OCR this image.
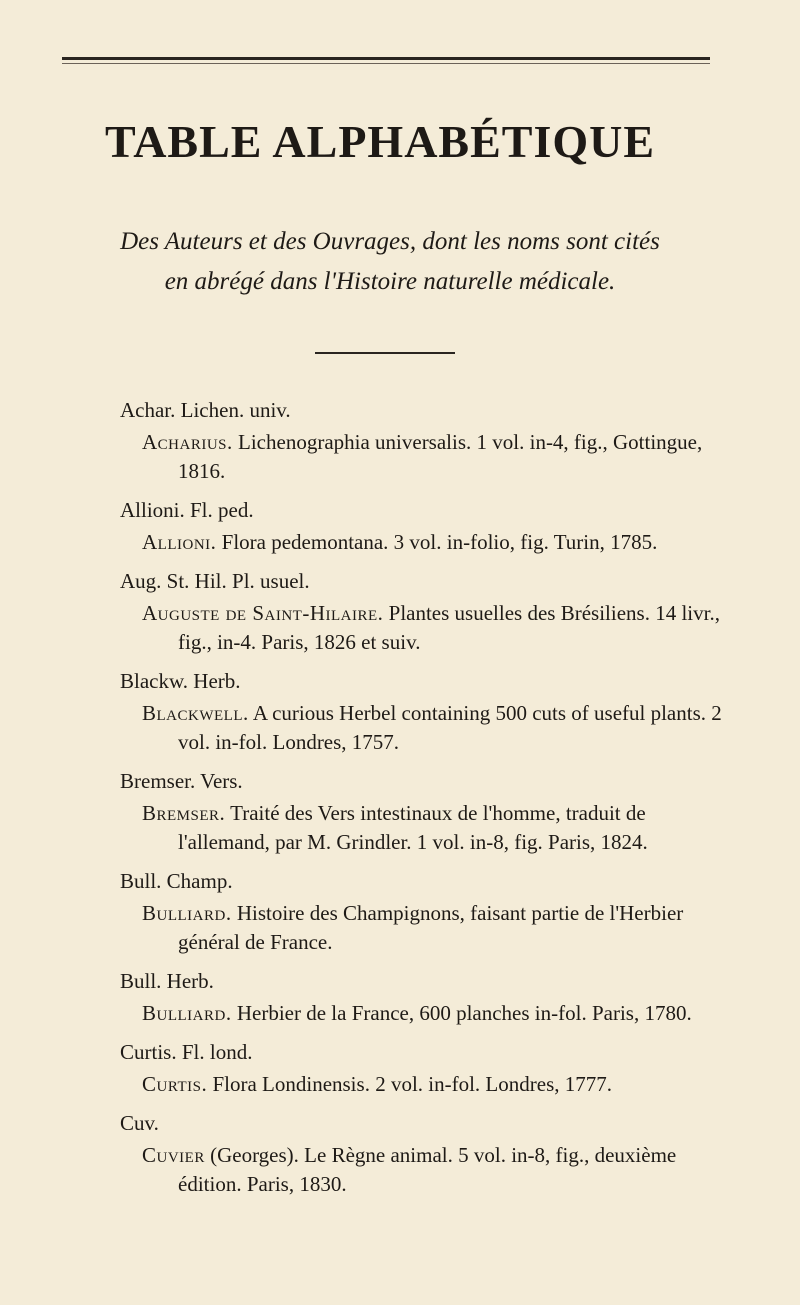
TABLE ALPHABÉTIQUE

Des Auteurs et des Ouvrages, dont les noms sont cités en abrégé dans l'Histoire naturelle médicale.

Achar. Lichen. univ.

Acharius. Lichenographia universalis. 1 vol. in-4, fig., Gottingue, 1816.

Allioni. Fl. ped.

Allioni. Flora pedemontana. 3 vol. in-folio, fig. Turin, 1785.

Aug. St. Hil. Pl. usuel.

Auguste de Saint-Hilaire. Plantes usuelles des Brésiliens. 14 livr., fig., in-4. Paris, 1826 et suiv.

Blackw. Herb.

Blackwell. A curious Herbel containing 500 cuts of useful plants. 2 vol. in-fol. Londres, 1757.

Bremser. Vers.

Bremser. Traité des Vers intestinaux de l'homme, traduit de l'allemand, par M. Grindler. 1 vol. in-8, fig. Paris, 1824.

Bull. Champ.

Bulliard. Histoire des Champignons, faisant partie de l'Herbier général de France.

Bull. Herb.

Bulliard. Herbier de la France, 600 planches in-fol. Paris, 1780.

Curtis. Fl. lond.

Curtis. Flora Londinensis. 2 vol. in-fol. Londres, 1777.

Cuv.

Cuvier (Georges). Le Règne animal. 5 vol. in-8, fig., deuxième édition. Paris, 1830.
